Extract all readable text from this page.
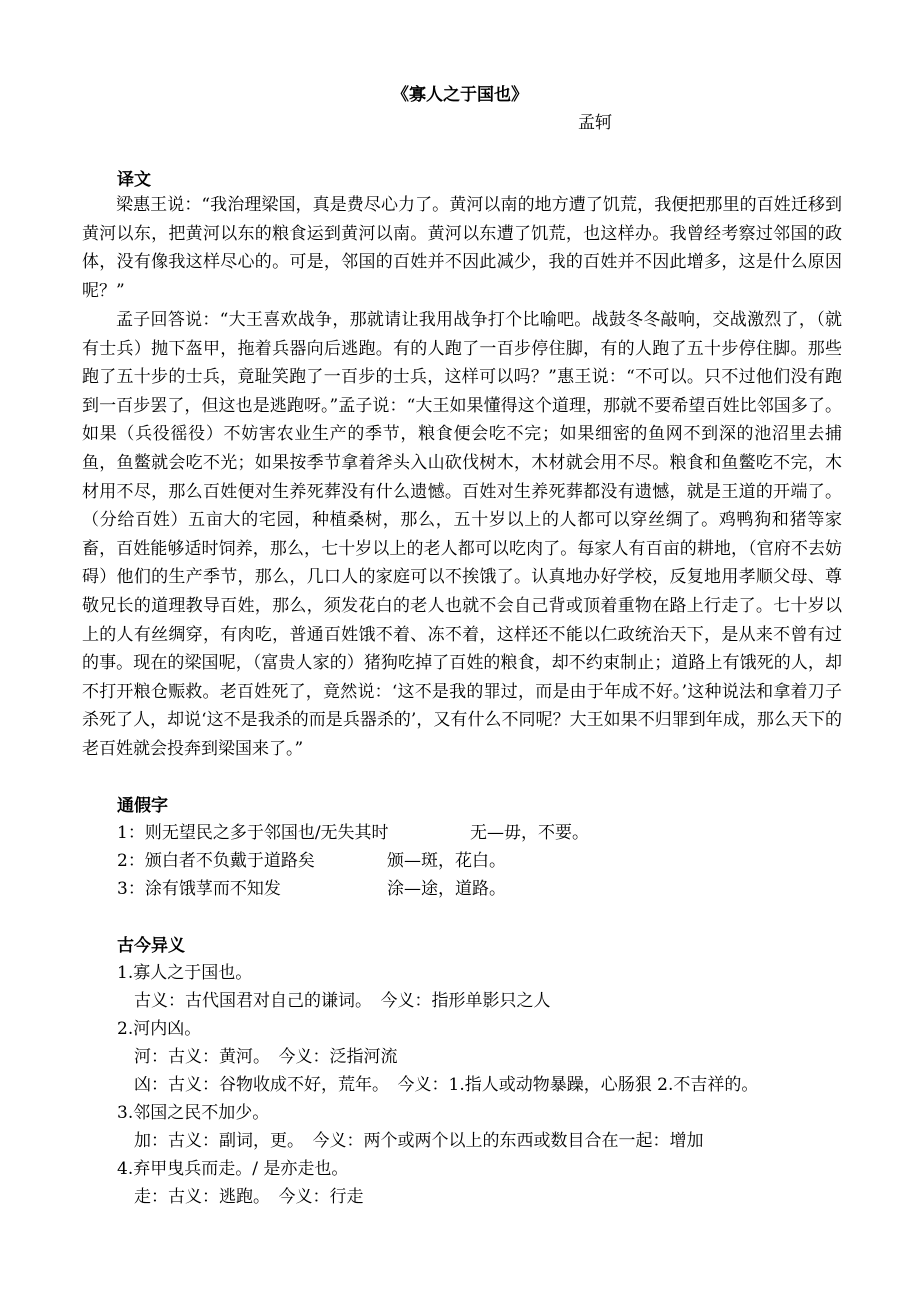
《寡人之于国也》
孟轲
译文

梁惠王说：“我治理梁国，真是费尽心力了。黄河以南的地方遭了饥荒，我便把那里的百姓迁移到黄河以东，把黄河以东的粮食运到黄河以南。黄河以东遭了饥荒，也这样办。我曾经考察过邻国的政体，没有像我这样尽心的。可是，邻国的百姓并不因此减少，我的百姓并不因此增多，这是什么原因呢？”

孟子回答说：“大王喜欢战争，那就请让我用战争打个比喻吧。战鼓冬冬敲响，交战激烈了，（就有士兵）抛下盔甲，拖着兵器向后逃跑。有的人跑了一百步停住脚，有的人跑了五十步停住脚。那些跑了五十步的士兵，竟耻笑跑了一百步的士兵，这样可以吗？”惠王说：“不可以。只不过他们没有跑到一百步罢了，但这也是逃跑呀。”孟子说：“大王如果懂得这个道理，那就不要希望百姓比邻国多了。如果（兵役徭役）不妨害农业生产的季节，粮食便会吃不完；如果细密的鱼网不到深的池沼里去捕鱼，鱼鳖就会吃不光；如果按季节拿着斧头入山砍伐树木，木材就会用不尽。粮食和鱼鳖吃不完，木材用不尽，那么百姓便对生养死葬没有什么遗憾。百姓对生养死葬都没有遗憾，就是王道的开端了。（分给百姓）五亩大的宅园，种植桑树，那么，五十岁以上的人都可以穿丝绸了。鸡鸭狗和猪等家畜，百姓能够适时饲养，那么，七十岁以上的老人都可以吃肉了。每家人有百亩的耕地，（官府不去妨碍）他们的生产季节，那么，几口人的家庭可以不挨饿了。认真地办好学校，反复地用孝顺父母、尊敬兄长的道理教导百姓，那么，须发花白的老人也就不会自己背或顶着重物在路上行走了。七十岁以上的人有丝绸穿，有肉吃，普通百姓饿不着、冻不着，这样还不能以仁政统治天下，是从来不曾有过的事。现在的梁国呢，（富贵人家的）猪狗吃掉了百姓的粮食，却不约束制止；道路上有饿死的人，却不打开粮仓赈救。老百姓死了，竟然说：‘这不是我的罪过，而是由于年成不好。’这种说法和拿着刀子杀死了人，却说‘这不是我杀的而是兵器杀的’，又有什么不同呢？大王如果不归罪到年成，那么天下的老百姓就会投奔到梁国来了。”

通假字
1：则无望民之多于邻国也/无失其时	无—毋，不要。
2：颁白者不负戴于道路矣	颁—斑，花白。
3：涂有饿莩而不知发	涂—途，道路。
古今异义
1.寡人之于国也。
古义：古代国君对自己的谦词。　今义：指形单影只之人
2.河内凶。
河：古义：黄河。　今义：泛指河流
凶：古义：谷物收成不好，荒年。　今义：1.指人或动物暴躁，心肠狠 2.不吉祥的。
3.邻国之民不加少。
加：古义：副词，更。　今义：两个或两个以上的东西或数目合在一起：增加
4.弃甲曳兵而走。/ 是亦走也。
走：古义：逃跑。　今义：行走
